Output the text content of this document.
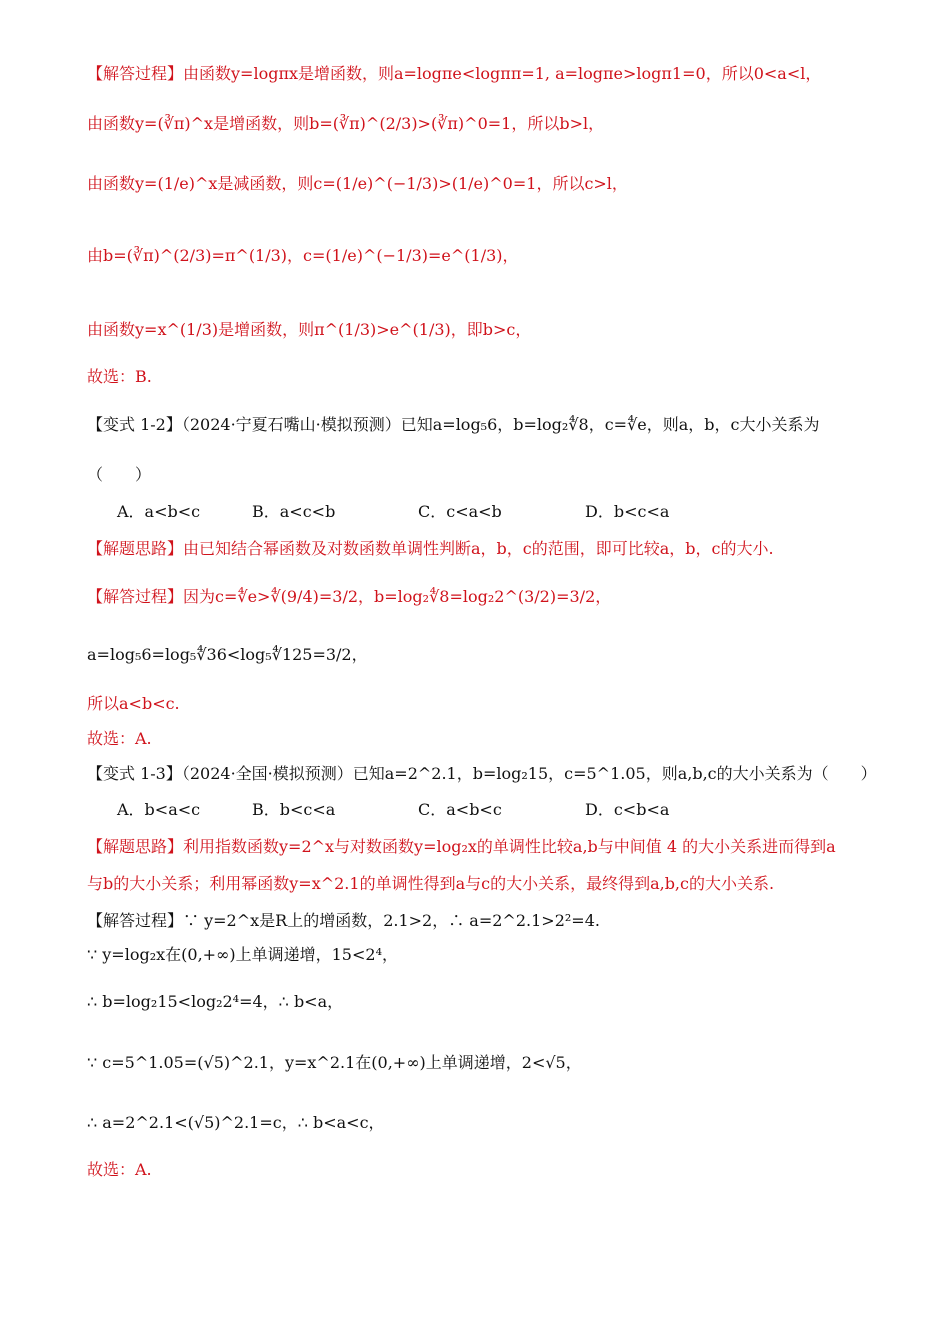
【解答过程】由函数y=logπx是增函数，则a=logπe<logππ=1, a=logπe>logπ1=0，所以0<a<l，
由函数y=(∛π)^x是增函数，则b=(∛π)^(2/3)>(∛π)^0=1，所以b>l，
由函数y=(1/e)^x是减函数，则c=(1/e)^(−1/3)>(1/e)^0=1，所以c>l，
由b=(∛π)^(2/3)=π^(1/3)，c=(1/e)^(−1/3)=e^(1/3)，
由函数y=x^(1/3)是增函数，则π^(1/3)>e^(1/3)，即b>c，
故选：B.
【变式 1-2】（2024·宁夏石嘴山·模拟预测）已知a=log₅6，b=log₂∜8，c=∜e，则a，b，c大小关系为
（　　）
A．a<b<c	B．a<c<b	C．c<a<b	D．b<c<a
【解题思路】由已知结合幂函数及对数函数单调性判断a，b，c的范围，即可比较a，b，c的大小.
【解答过程】因为c=∜e>∜(9/4)=3/2，b=log₂∜8=log₂2^(3/2)=3/2，
a=log₅6=log₅∜36<log₅∜125=3/2，
所以a<b<c.
故选：A.
【变式 1-3】（2024·全国·模拟预测）已知a=2^2.1，b=log₂15，c=5^1.05，则a,b,c的大小关系为（　　）
A．b<a<c	B．b<c<a	C．a<b<c	D．c<b<a
【解题思路】利用指数函数y=2^x与对数函数y=log₂x的单调性比较a,b与中间值 4 的大小关系进而得到a
与b的大小关系；利用幂函数y=x^2.1的单调性得到a与c的大小关系，最终得到a,b,c的大小关系.
【解答过程】∵ y=2^x是R上的增函数，2.1>2，∴ a=2^2.1>2²=4.
∵ y=log₂x在(0,+∞)上单调递增，15<2⁴，
∴ b=log₂15<log₂2⁴=4，∴ b<a，
∵ c=5^1.05=(√5)^2.1，y=x^2.1在(0,+∞)上单调递增，2<√5，
∴ a=2^2.1<(√5)^2.1=c，∴ b<a<c，
故选：A.
